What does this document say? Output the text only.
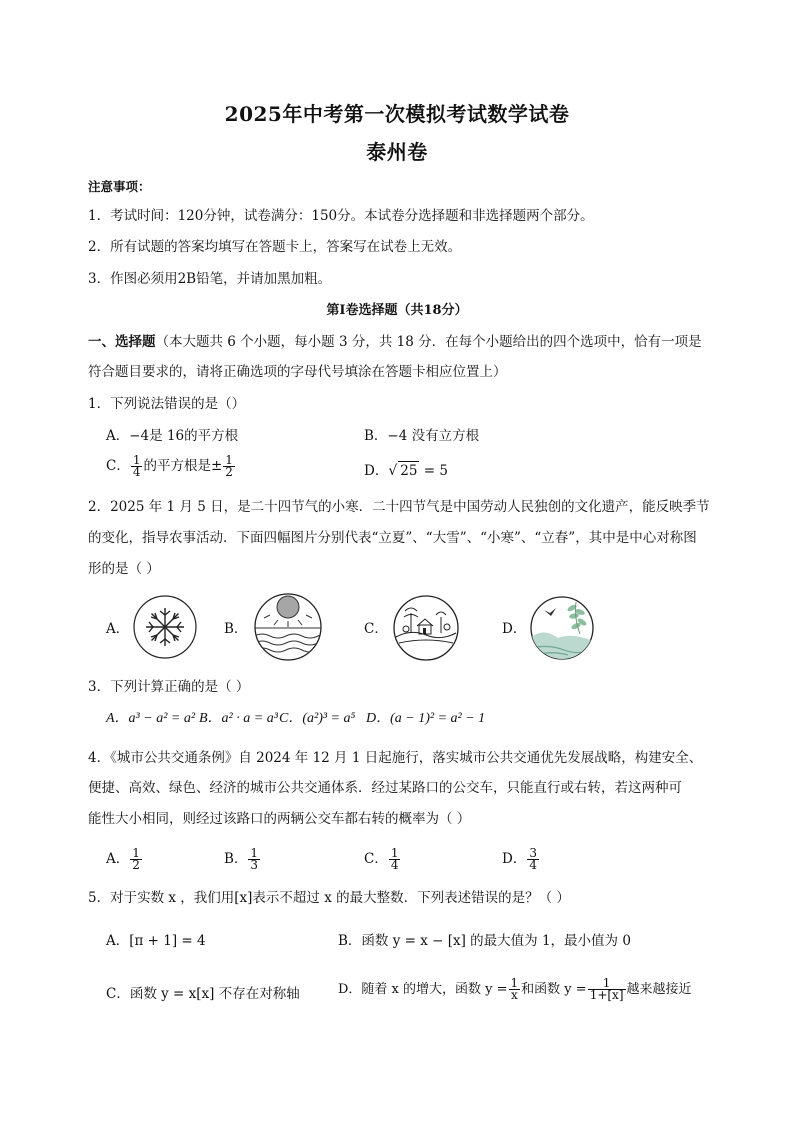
2025年中考第一次模拟考试数学试卷
泰州卷
注意事项：
1．考试时间：120分钟，试卷满分：150分。本试卷分选择题和非选择题两个部分。
2．所有试题的答案均填写在答题卡上，答案写在试卷上无效。
3．作图必须用2B铅笔，并请加黑加粗。
第Ⅰ卷选择题（共18分）
一、选择题（本大题共 6 个小题，每小题 3 分，共 18 分．在每个小题给出的四个选项中，恰有一项是
符合题目要求的，请将正确选项的字母代号填涂在答题卡相应位置上）
1．下列说法错误的是（）
A．−4是 16的平方根	B．−4 没有立方根
C． $\frac{1}{4}$ 的平方根是± $\frac{1}{2}$	D．√ 25 = 5
2．2025 年 1 月 5 日，是二十四节气的小寒．二十四节气是中国劳动人民独创的文化遗产，能反映季节
的变化，指导农事活动．下面四幅图片分别代表“立夏”、“大雪”、“小寒”、“立春”，其中是中心对称图
形的是（ ）
A．	B．	C．	D．
3．下列计算正确的是（ ）
A．a³ − a² = a² B．a² · a = a³ C．(a²)³ = a⁵ D．(a − 1)² = a² − 1
4．《城市公共交通条例》自 2024 年 12 月 1 日起施行，落实城市公共交通优先发展战略，构建安全、
便捷、高效、绿色、经济的城市公共交通体系．经过某路口的公交车，只能直行或右转，若这两种可
能性大小相同，则经过该路口的两辆公交车都右转的概率为（ ）
A． $\frac{1}{2}$	B． $\frac{1}{3}$	C． $\frac{1}{4}$	D． $\frac{3}{4}$
5．对于实数 x ，我们用[x]表示不超过 x 的最大整数．下列表述错误的是？（ ）
A．[π + 1] = 4	B．函数 y = x − [x] 的最大值为 1，最小值为 0
C．函数 y = x[x] 不存在对称轴	D．随着 x 的增大，函数 $y = \frac{1}{x}$ 和函数 $y = \frac{1}{1+[x]}$ 越来越接近
